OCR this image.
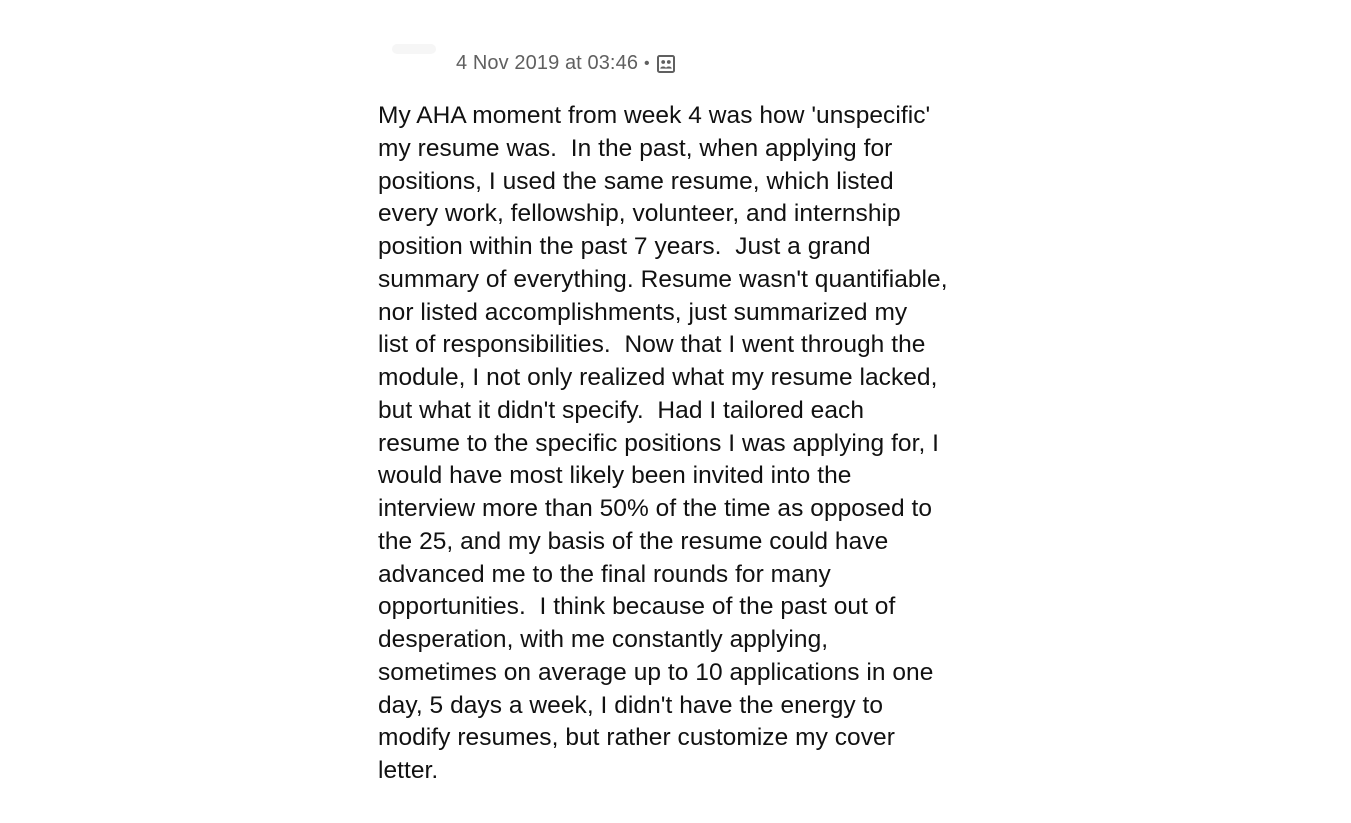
4 Nov 2019 at 03:46 •
My AHA moment from week 4 was how 'unspecific'
my resume was.  In the past, when applying for
positions, I used the same resume, which listed
every work, fellowship, volunteer, and internship
position within the past 7 years.  Just a grand
summary of everything. Resume wasn't quantifiable,
nor listed accomplishments, just summarized my
list of responsibilities.  Now that I went through the
module, I not only realized what my resume lacked,
but what it didn't specify.  Had I tailored each
resume to the specific positions I was applying for, I
would have most likely been invited into the
interview more than 50% of the time as opposed to
the 25, and my basis of the resume could have
advanced me to the final rounds for many
opportunities.  I think because of the past out of
desperation, with me constantly applying,
sometimes on average up to 10 applications in one
day, 5 days a week, I didn't have the energy to
modify resumes, but rather customize my cover
letter.
